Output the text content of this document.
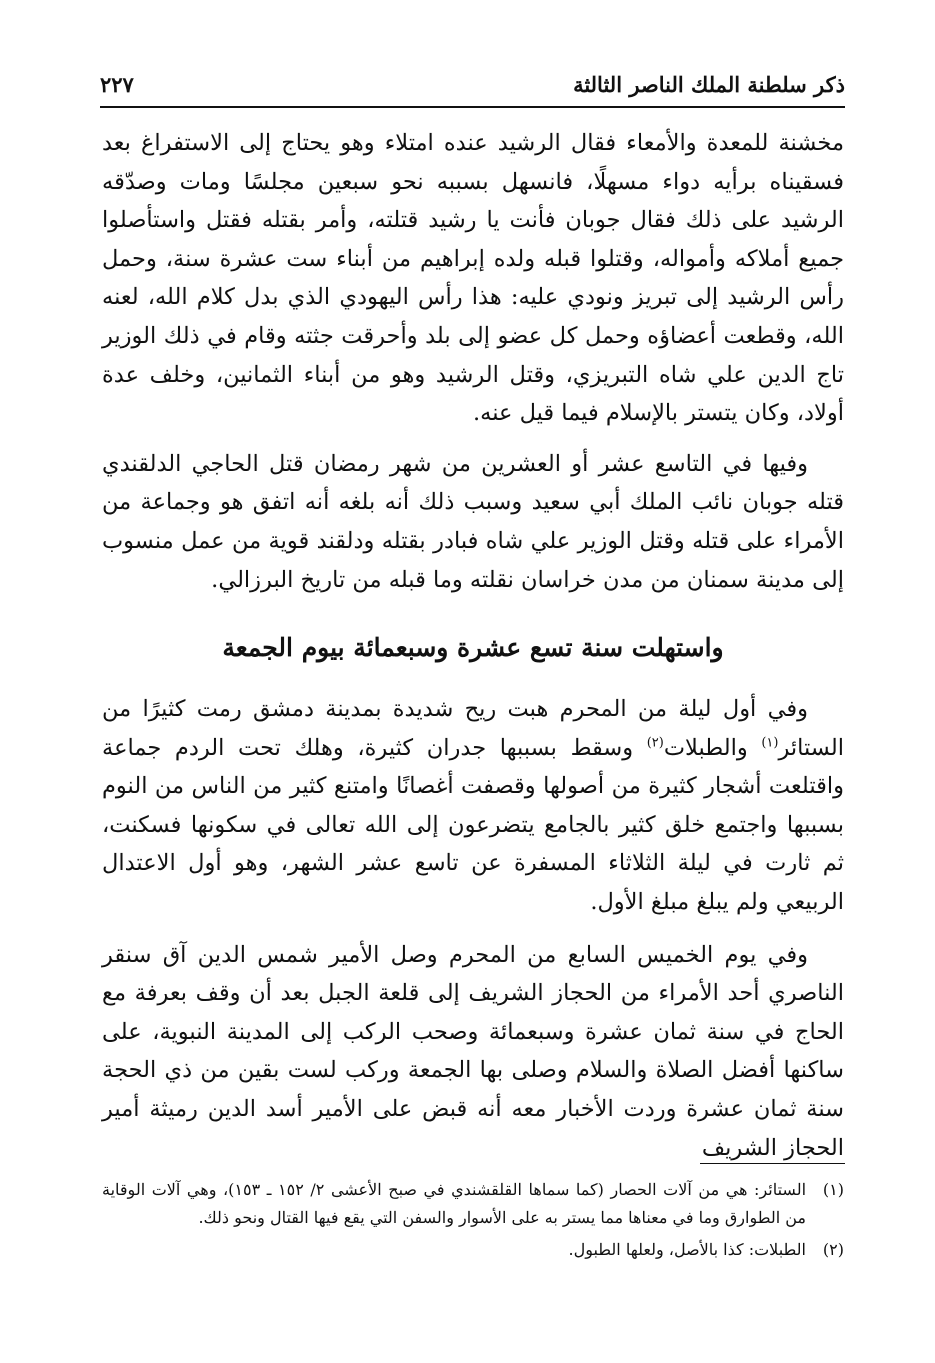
ذكر سلطنة الملك الناصر الثالثة
٢٢٧

مخشنة للمعدة والأمعاء فقال الرشيد عنده امتلاء وهو يحتاج إلى الاستفراغ بعد فسقيناه برأيه دواء مسهلًا، فانسهل بسببه نحو سبعين مجلسًا ومات وصدّقه الرشيد على ذلك فقال جوبان فأنت يا رشيد قتلته، وأمر بقتله فقتل واستأصلوا جميع أملاكه وأمواله، وقتلوا قبله ولده إبراهيم من أبناء ست عشرة سنة، وحمل رأس الرشيد إلى تبريز ونودي عليه: هذا رأس اليهودي الذي بدل كلام الله، لعنه الله، وقطعت أعضاؤه وحمل كل عضو إلى بلد وأحرقت جثته وقام في ذلك الوزير تاج الدين علي شاه التبريزي، وقتل الرشيد وهو من أبناء الثمانين، وخلف عدة أولاد، وكان يتستر بالإسلام فيما قيل عنه.

وفيها في التاسع عشر أو العشرين من شهر رمضان قتل الحاجي الدلقندي قتله جوبان نائب الملك أبي سعيد وسبب ذلك أنه بلغه أنه اتفق هو وجماعة من الأمراء على قتله وقتل الوزير علي شاه فبادر بقتله ودلقند قوية من عمل منسوب إلى مدينة سمنان من مدن خراسان نقلته وما قبله من تاريخ البرزالي.

واستهلت سنة تسع عشرة وسبعمائة بيوم الجمعة

وفي أول ليلة من المحرم هبت ريح شديدة بمدينة دمشق رمت كثيرًا من الستائر$^{(١)}$ والطبلات$^{(٢)}$ وسقط بسببها جدران كثيرة، وهلك تحت الردم جماعة واقتلعت أشجار كثيرة من أصولها وقصفت أغصانًا وامتنع كثير من الناس من النوم بسببها واجتمع خلق كثير بالجامع يتضرعون إلى الله تعالى في سكونها فسكنت، ثم ثارت في ليلة الثلاثاء المسفرة عن تاسع عشر الشهر، وهو أول الاعتدال الربيعي ولم يبلغ مبلغ الأول.

وفي يوم الخميس السابع من المحرم وصل الأمير شمس الدين آق سنقر الناصري أحد الأمراء من الحجاز الشريف إلى قلعة الجبل بعد أن وقف بعرفة مع الحاج في سنة ثمان عشرة وسبعمائة وصحب الركب إلى المدينة النبوية، على ساكنها أفضل الصلاة والسلام وصلى بها الجمعة وركب لست بقين من ذي الحجة سنة ثمان عشرة وردت الأخبار معه أنه قبض على الأمير أسد الدين رميثة أمير الحجاز الشريف

(١)
الستائر: هي من آلات الحصار (كما سماها القلقشندي في صبح الأعشى ٢/ ١٥٢ ـ ١٥٣)، وهي آلات الوقاية من الطوارق وما في معناها مما يستر به على الأسوار والسفن التي يقع فيها القتال ونحو ذلك.
(٢)
الطبلات: كذا بالأصل، ولعلها الطبول.
